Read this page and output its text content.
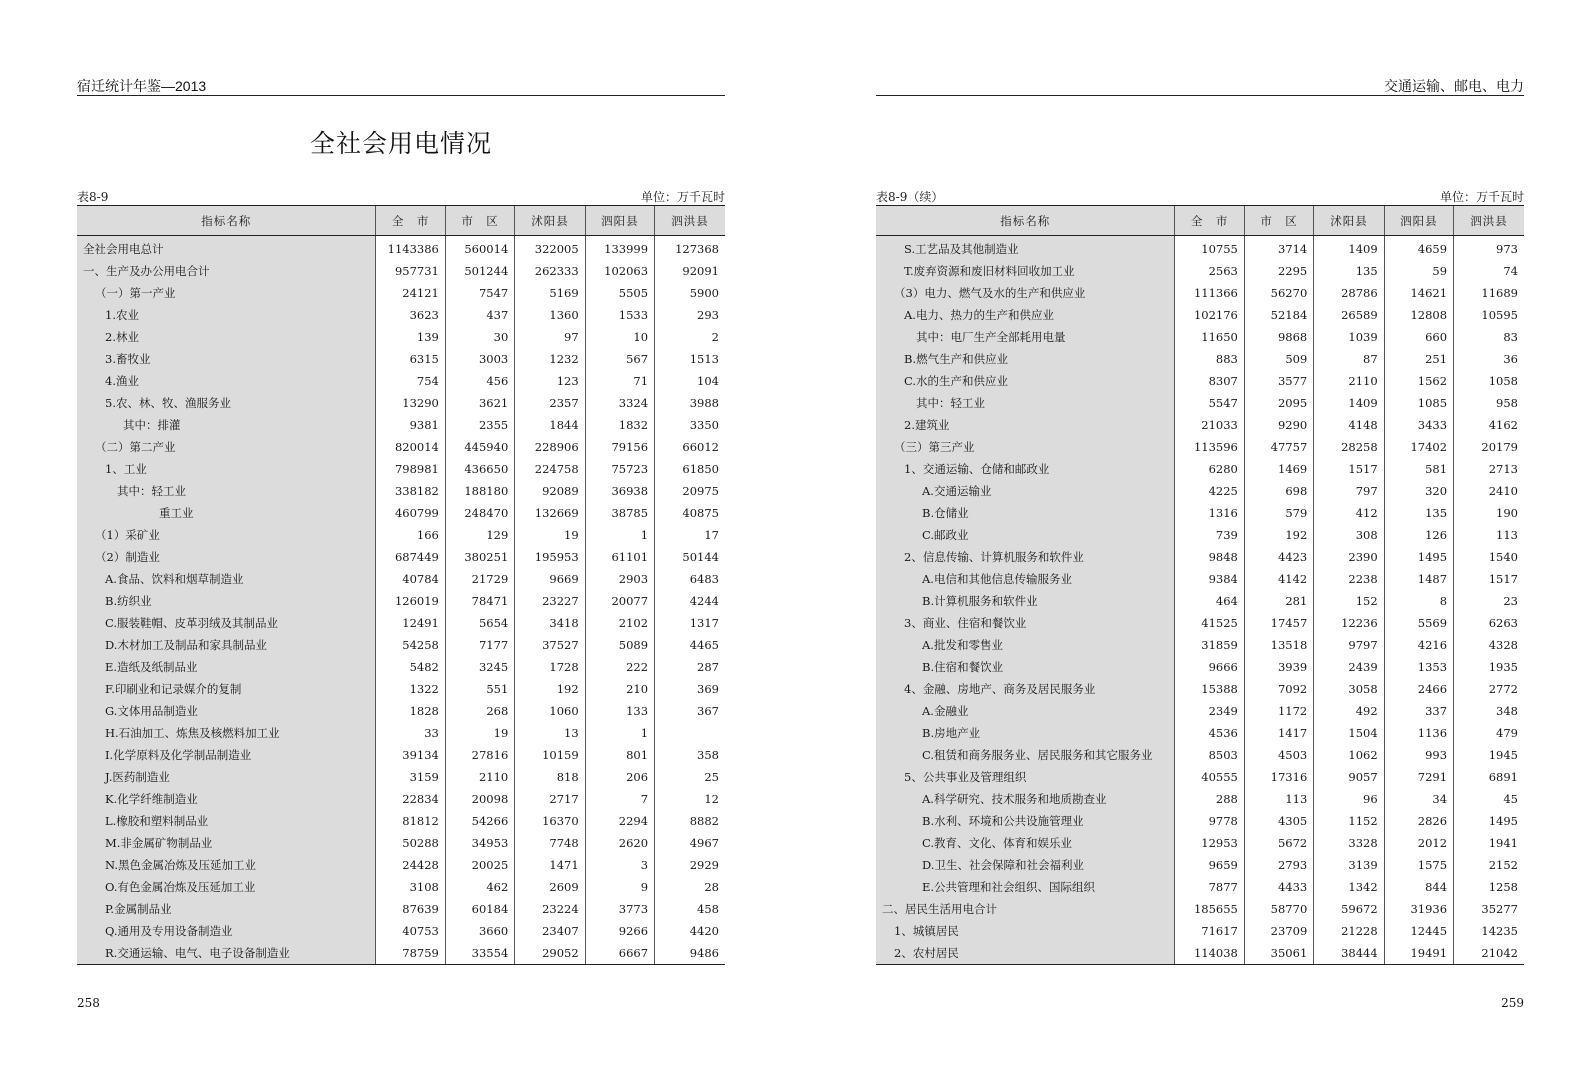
宿迁统计年鉴—2013
全社会用电情况
表8-9	单位：万千瓦时
指标名称	全　市	市　区	沭阳县	泗阳县	泗洪县
全社会用电总计	1143386	560014	322005	133999	127368
一、生产及办公用电合计	957731	501244	262333	102063	92091
（一）第一产业	24121	7547	5169	5505	5900
1.农业	3623	437	1360	1533	293
2.林业	139	30	97	10	2
3.畜牧业	6315	3003	1232	567	1513
4.渔业	754	456	123	71	104
5.农、林、牧、渔服务业	13290	3621	2357	3324	3988
其中：排灌	9381	2355	1844	1832	3350
（二）第二产业	820014	445940	228906	79156	66012
1、工业	798981	436650	224758	75723	61850
其中：轻工业	338182	188180	92089	36938	20975
重工业	460799	248470	132669	38785	40875
（1）采矿业	166	129	19	1	17
（2）制造业	687449	380251	195953	61101	50144
A.食品、饮料和烟草制造业	40784	21729	9669	2903	6483
B.纺织业	126019	78471	23227	20077	4244
C.服装鞋帽、皮革羽绒及其制品业	12491	5654	3418	2102	1317
D.木材加工及制品和家具制品业	54258	7177	37527	5089	4465
E.造纸及纸制品业	5482	3245	1728	222	287
F.印刷业和记录媒介的复制	1322	551	192	210	369
G.文体用品制造业	1828	268	1060	133	367
H.石油加工、炼焦及核燃料加工业	33	19	13	1	
I.化学原料及化学制品制造业	39134	27816	10159	801	358
J.医药制造业	3159	2110	818	206	25
K.化学纤维制造业	22834	20098	2717	7	12
L.橡胶和塑料制品业	81812	54266	16370	2294	8882
M.非金属矿物制品业	50288	34953	7748	2620	4967
N.黑色金属冶炼及压延加工业	24428	20025	1471	3	2929
O.有色金属冶炼及压延加工业	3108	462	2609	9	28
P.金属制品业	87639	60184	23224	3773	458
Q.通用及专用设备制造业	40753	3660	23407	9266	4420
R.交通运输、电气、电子设备制造业	78759	33554	29052	6667	9486
258
交通运输、邮电、电力
表8-9（续）	单位：万千瓦时
指标名称	全　市	市　区	沭阳县	泗阳县	泗洪县
S.工艺品及其他制造业	10755	3714	1409	4659	973
T.废弃资源和废旧材料回收加工业	2563	2295	135	59	74
（3）电力、燃气及水的生产和供应业	111366	56270	28786	14621	11689
A.电力、热力的生产和供应业	102176	52184	26589	12808	10595
其中：电厂生产全部耗用电量	11650	9868	1039	660	83
B.燃气生产和供应业	883	509	87	251	36
C.水的生产和供应业	8307	3577	2110	1562	1058
其中：轻工业	5547	2095	1409	1085	958
2.建筑业	21033	9290	4148	3433	4162
（三）第三产业	113596	47757	28258	17402	20179
1、交通运输、仓储和邮政业	6280	1469	1517	581	2713
A.交通运输业	4225	698	797	320	2410
B.仓储业	1316	579	412	135	190
C.邮政业	739	192	308	126	113
2、信息传输、计算机服务和软件业	9848	4423	2390	1495	1540
A.电信和其他信息传输服务业	9384	4142	2238	1487	1517
B.计算机服务和软件业	464	281	152	8	23
3、商业、住宿和餐饮业	41525	17457	12236	5569	6263
A.批发和零售业	31859	13518	9797	4216	4328
B.住宿和餐饮业	9666	3939	2439	1353	1935
4、金融、房地产、商务及居民服务业	15388	7092	3058	2466	2772
A.金融业	2349	1172	492	337	348
B.房地产业	4536	1417	1504	1136	479
C.租赁和商务服务业、居民服务和其它服务业	8503	4503	1062	993	1945
5、公共事业及管理组织	40555	17316	9057	7291	6891
A.科学研究、技术服务和地质勘查业	288	113	96	34	45
B.水利、环境和公共设施管理业	9778	4305	1152	2826	1495
C.教育、文化、体育和娱乐业	12953	5672	3328	2012	1941
D.卫生、社会保障和社会福利业	9659	2793	3139	1575	2152
E.公共管理和社会组织、国际组织	7877	4433	1342	844	1258
二、居民生活用电合计	185655	58770	59672	31936	35277
1、城镇居民	71617	23709	21228	12445	14235
2、农村居民	114038	35061	38444	19491	21042
259
